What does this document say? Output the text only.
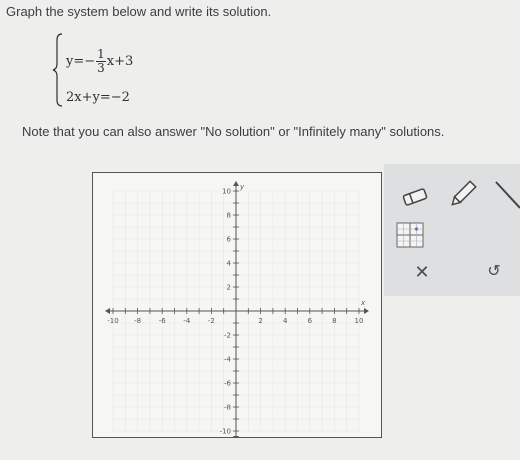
Graph the system below and write its solution.
$y=- \frac{1}{3} x+3$
2x+y=−2
Note that you can also answer "No solution" or "Infinitely many" solutions.
-10 -8	-6	-4	-2	2	4	6	8	10
10
8
6
4
2
-2
-4
-6
-8
-10
x
y
✕	↺
